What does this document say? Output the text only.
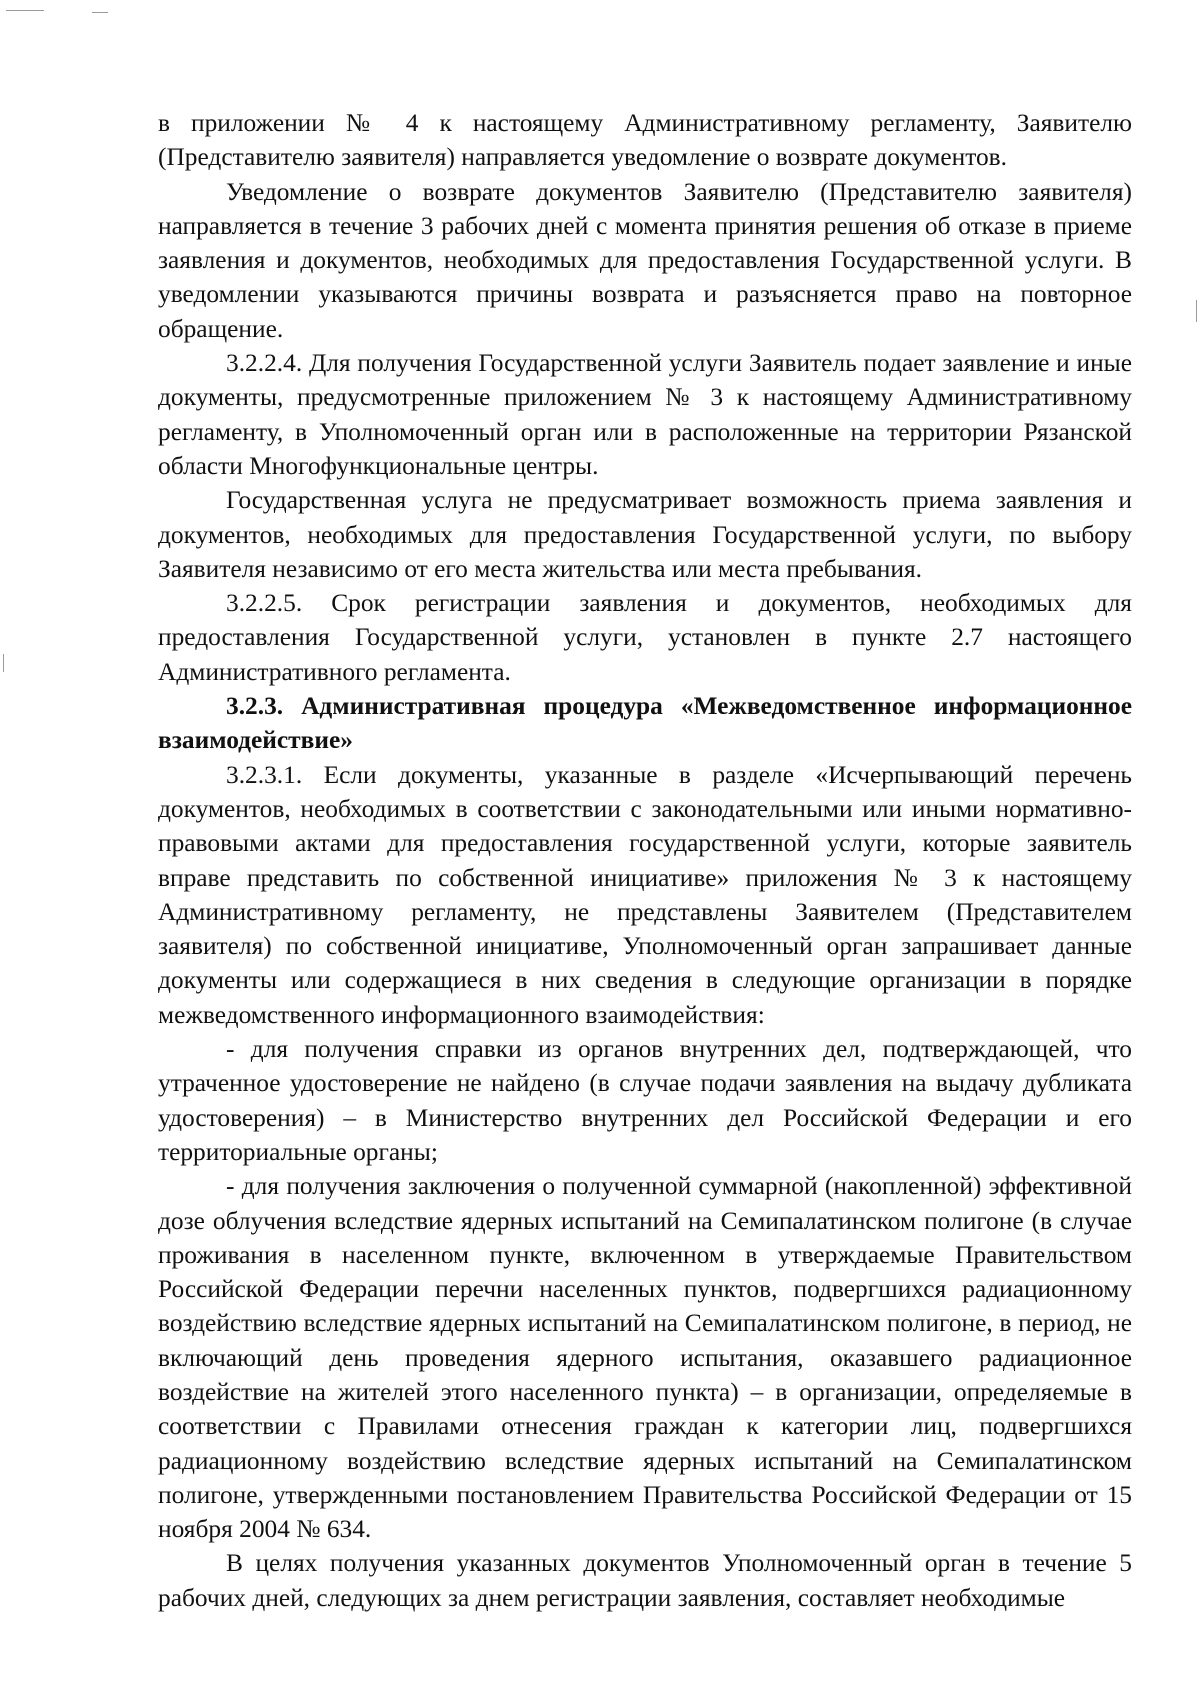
в приложении № 4 к настоящему Административному регламенту, Заявителю (Представителю заявителя) направляется уведомление о возврате документов.

Уведомление о возврате документов Заявителю (Представителю заявителя) направляется в течение 3 рабочих дней с момента принятия решения об отказе в приеме заявления и документов, необходимых для предоставления Государственной услуги. В уведомлении указываются причины возврата и разъясняется право на повторное обращение.

3.2.2.4. Для получения Государственной услуги Заявитель подает заявление и иные документы, предусмотренные приложением № 3 к настоящему Административному регламенту, в Уполномоченный орган или в расположенные на территории Рязанской области Многофункциональные центры.

Государственная услуга не предусматривает возможность приема заявления и документов, необходимых для предоставления Государственной услуги, по выбору Заявителя независимо от его места жительства или места пребывания.

3.2.2.5. Срок регистрации заявления и документов, необходимых для предоставления Государственной услуги, установлен в пункте 2.7 настоящего Административного регламента.

3.2.3. Административная процедура «Межведомственное информационное взаимодействие»

3.2.3.1. Если документы, указанные в разделе «Исчерпывающий перечень документов, необходимых в соответствии с законодательными или иными нормативно-правовыми актами для предоставления государственной услуги, которые заявитель вправе представить по собственной инициативе» приложения № 3 к настоящему Административному регламенту, не представлены Заявителем (Представителем заявителя) по собственной инициативе, Уполномоченный орган запрашивает данные документы или содержащиеся в них сведения в следующие организации в порядке межведомственного информационного взаимодействия:

- для получения справки из органов внутренних дел, подтверждающей, что утраченное удостоверение не найдено (в случае подачи заявления на выдачу дубликата удостоверения) – в Министерство внутренних дел Российской Федерации и его территориальные органы;

- для получения заключения о полученной суммарной (накопленной) эффективной дозе облучения вследствие ядерных испытаний на Семипалатинском полигоне (в случае проживания в населенном пункте, включенном в утверждаемые Правительством Российской Федерации перечни населенных пунктов, подвергшихся радиационному воздействию вследствие ядерных испытаний на Семипалатинском полигоне, в период, не включающий день проведения ядерного испытания, оказавшего радиационное воздействие на жителей этого населенного пункта) – в организации, определяемые в соответствии с Правилами отнесения граждан к категории лиц, подвергшихся радиационному воздействию вследствие ядерных испытаний на Семипалатинском полигоне, утвержденными постановлением Правительства Российской Федерации от 15 ноября 2004 № 634.

В целях получения указанных документов Уполномоченный орган в течение 5 рабочих дней, следующих за днем регистрации заявления, составляет необходимые
